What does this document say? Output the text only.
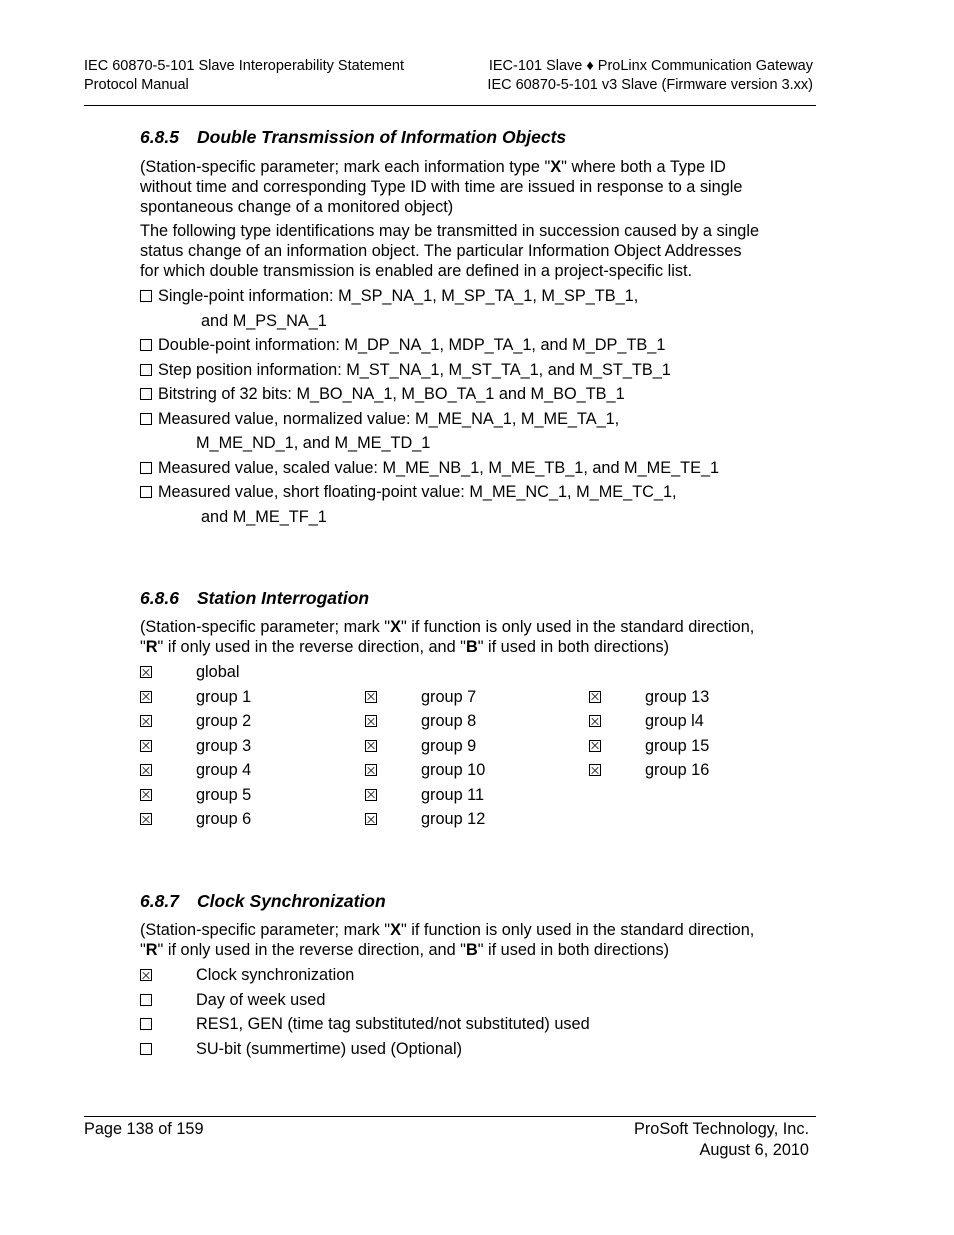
IEC 60870-5-101 Slave Interoperability Statement
Protocol Manual
IEC-101 Slave ♦ ProLinx Communication Gateway
IEC 60870-5-101 v3 Slave (Firmware version 3.xx)
6.8.5 Double Transmission of Information Objects

(Station-specific parameter; mark each information type "X" where both a Type ID without time and corresponding Type ID with time are issued in response to a single spontaneous change of a monitored object)

The following type identifications may be transmitted in succession caused by a single status change of an information object. The particular Information Object Addresses for which double transmission is enabled are defined in a project-specific list.

Single-point information: M_SP_NA_1, M_SP_TA_1, M_SP_TB_1,
and M_PS_NA_1
Double-point information: M_DP_NA_1, MDP_TA_1, and M_DP_TB_1
Step position information: M_ST_NA_1, M_ST_TA_1, and M_ST_TB_1
Bitstring of 32 bits: M_BO_NA_1, M_BO_TA_1 and M_BO_TB_1
Measured value, normalized value: M_ME_NA_1, M_ME_TA_1,
M_ME_ND_1, and M_ME_TD_1
Measured value, scaled value: M_ME_NB_1, M_ME_TB_1, and M_ME_TE_1
Measured value, short floating-point value: M_ME_NC_1, M_ME_TC_1,
and M_ME_TF_1
6.8.6 Station Interrogation

(Station-specific parameter; mark "X" if function is only used in the standard direction, "R" if only used in the reverse direction, and "B" if used in both directions)

global
group 1	group 7	group 13
group 2	group 8	group l4
group 3	group 9	group 15
group 4	group 10	group 16
group 5	group 11
group 6	group 12
6.8.7 Clock Synchronization

(Station-specific parameter; mark "X" if function is only used in the standard direction, "R" if only used in the reverse direction, and "B" if used in both directions)

Clock synchronization
Day of week used
RES1, GEN (time tag substituted/not substituted) used
SU-bit (summertime) used (Optional)
Page 138 of 159	ProSoft Technology, Inc.
August 6, 2010
